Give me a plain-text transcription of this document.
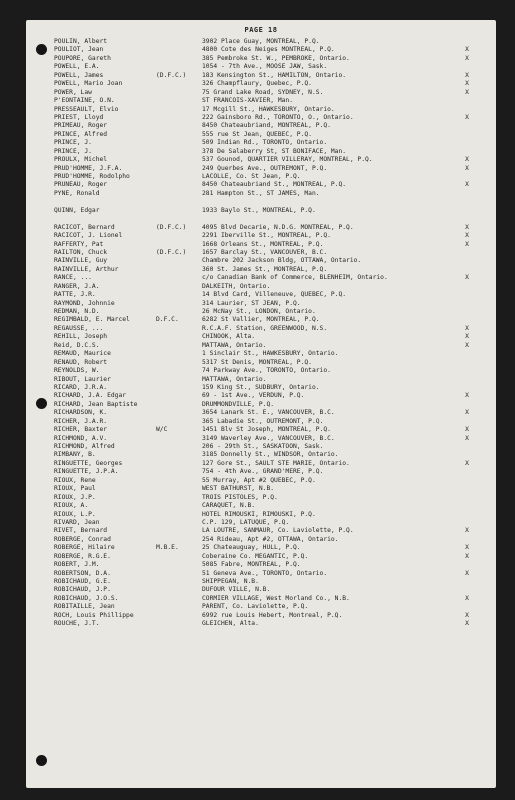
PAGE 18
POULIN, Albert	3902 Place Guay, MONTREAL, P.Q.
POULIOT, Jean	4800 Cote des Neiges MONTREAL, P.Q.	X
POUPORE, Gareth	385 Pembroke St. W., PEMBROKE, Ontario.	X
POWELL, E.A.	1054 - 7th Ave., MOOSE JAW, Sask.
POWELL, James	(D.F.C.)	183 Kensington St., HAMILTON, Ontario.	X
POWELL, Mario Joan	326 Champflaury, Quebec, P.Q.	X
POWER, Law	75 Grand Lake Road, SYDNEY, N.S.	X
P'EONTAINE, O.N.	ST FRANCOIS-XAVIER, Man.
PRESSEAULT, Elvio	17 Mcgill St., HAWKESBURY, Ontario.
PRIEST, Lloyd	222 Gainsboro Rd., TORONTO, O., Ontario.	X
PRIMEAU, Roger	8450 Chateaubriand, MONTREAL, P.Q.
PRINCE, Alfred	555 rue St Jean, QUEBEC, P.Q.
PRINCE, J.	509 Indian Rd., TORONTO, Ontario.
PRINCE, J.	378 De Salaberry St, ST BONIFACE, Man.
PROULX, Michel	537 Gounod, QUARTIER VILLERAY, MONTREAL, P.Q.	X
PRUD'HOMME, J.F.A.	249 Querbes Ave., OUTREMONT, P.Q.	X
PRUD'HOMME, Rodolpho	LACOLLE, Co. St Jean, P.Q.
PRUNEAU, Roger	8450 Chateaubriand St., MONTREAL, P.Q.	X
PYNE, Ronald	281 Hampton St., ST JAMES, Man.
QUINN, Edgar	1933 Baylo St., MONTREAL, P.Q.
RACICOT, Bernard	(D.F.C.)	4095 Blvd Decarie, N.D.G. MONTREAL, P.Q.	X
RACICOT, J. Lionel	2291 Iberville St., MONTREAL, P.Q.	X
RAFFERTY, Pat	1668 Orleans St., MONTREAL, P.Q.	X
RAILTON, Chuck	(D.F.C.)	1657 Barclay St., VANCOUVER, B.C.
RAINVILLE, Guy	Chambre 202 Jackson Bldg, OTTAWA, Ontario.
RAINVILLE, Arthur	360 St. James St., MONTREAL, P.Q.
RANCE, ...	c/o Canadian Bank of Commerce, BLENHEIM, Ontario.	X
RANGER, J.A.	DALKEITH, Ontario.
RATTE, J.R.	14 Blvd Card, Villeneuve, QUEBEC, P.Q.
RAYMOND, Johnnie	314 Laurier, ST JEAN, P.Q.
REDMAN, N.D.	26 McNay St., LONDON, Ontario.
REGIMBALD, E. Marcel	D.F.C.	6282 St Vallier, MONTREAL, P.Q.
REGAUSSE, ...	R.C.A.F. Station, GREENWOOD, N.S.	X
REHILL, Joseph	CHINOOK, Alta.	X
Reid, D.C.S.	MATTAWA, Ontario.	X
REMAUD, Maurice	1 Sinclair St., HAWKESBURY, Ontario.
RENAUD, Robert	5317 St Denis, MONTREAL, P.Q.
REYNOLDS, W.	74 Parkway Ave., TORONTO, Ontario.
RIBOUT, Laurier	MATTAWA, Ontario.
RICARD, J.R.A.	159 King St., SUDBURY, Ontario.
RICHARD, J.A. Edgar	69 - 1st Ave., VERDUN, P.Q.	X
RICHARD, Jean Baptiste	DRUMMONDVILLE, P.Q.
RICHARDSON, K.	3654 Lanark St. E., VANCOUVER, B.C.	X
RICHER, J.A.R.	365 Labadie St., OUTREMONT, P.Q.
RICHER, Baxter	W/C	1451 Blv St Joseph, MONTREAL, P.Q.	X
RICHMOND, A.V.	3149 Waverley Ave., VANCOUVER, B.C.	X
RICHMOND, Alfred	206 - 29th St., SASKATOON, Sask.
RIMBANY, B.	3185 Donnelly St., WINDSOR, Ontario.
RINGUETTE, Georges	127 Gore St., SAULT STE MARIE, Ontario.	X
RINGUETTE, J.P.A.	754 - 4th Ave., GRAND'MERE, P.Q.
RIOUX, Rene	55 Murray, Apt #2 QUEBEC, P.Q.
RIOUX, Paul	WEST BATHURST, N.B.
RIOUX, J.P.	TROIS PISTOLES, P.Q.
RIOUX, A.	CARAQUET, N.B.
RIOUX, L.P.	HOTEL RIMOUSKI, RIMOUSKI, P.Q.
RIVARD, Jean	C.P. 129, LATUQUE, P.Q.
RIVET, Bernard	LA LOUTRE, SANMAUR, Co. Laviolette, P.Q.	X
ROBERGE, Conrad	254 Rideau, Apt #2, OTTAWA, Ontario.
ROBERGE, Hilaire	M.B.E.	25 Chateauguay, HULL, P.Q.	X
ROBERGE, R.G.E.	Coberaine Co. MEGANTIC, P.Q.	X
ROBERT, J.M.	5085 Fabre, MONTREAL, P.Q.
ROBERTSON, D.A.	51 Geneva Ave., TORONTO, Ontario.	X
ROBICHAUD, G.E.	SHIPPEGAN, N.B.
ROBICHAUD, J.P.	DUFOUR VILLE, N.B.
ROBICHAUD, J.O.S.	CORMIER VILLAGE, West Morland Co., N.B.	X
ROBITAILLE, Jean	PARENT, Co. Laviolette, P.Q.
ROCH, Louis Phillippe	6992 rue Louis Hebert, Montreal, P.Q.	X
ROUCHE, J.T.	GLEICHEN, Alta.	X
